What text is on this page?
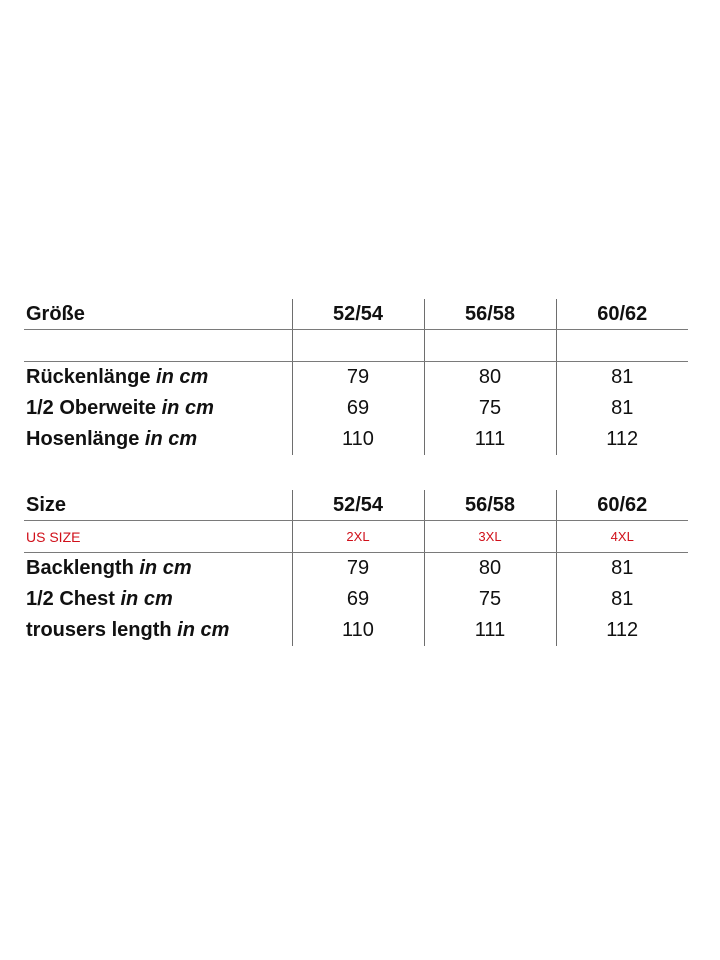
Größe	52/54	56/58	60/62

Rückenlänge in cm	79	80	81
1/2 Oberweite in cm	69	75	81
Hosenlänge in cm	110	111	112
Size	52/54	56/58	60/62
US SIZE	2XL	3XL	4XL
Backlength in cm	79	80	81
1/2 Chest in cm	69	75	81
trousers length in cm	110	111	112
